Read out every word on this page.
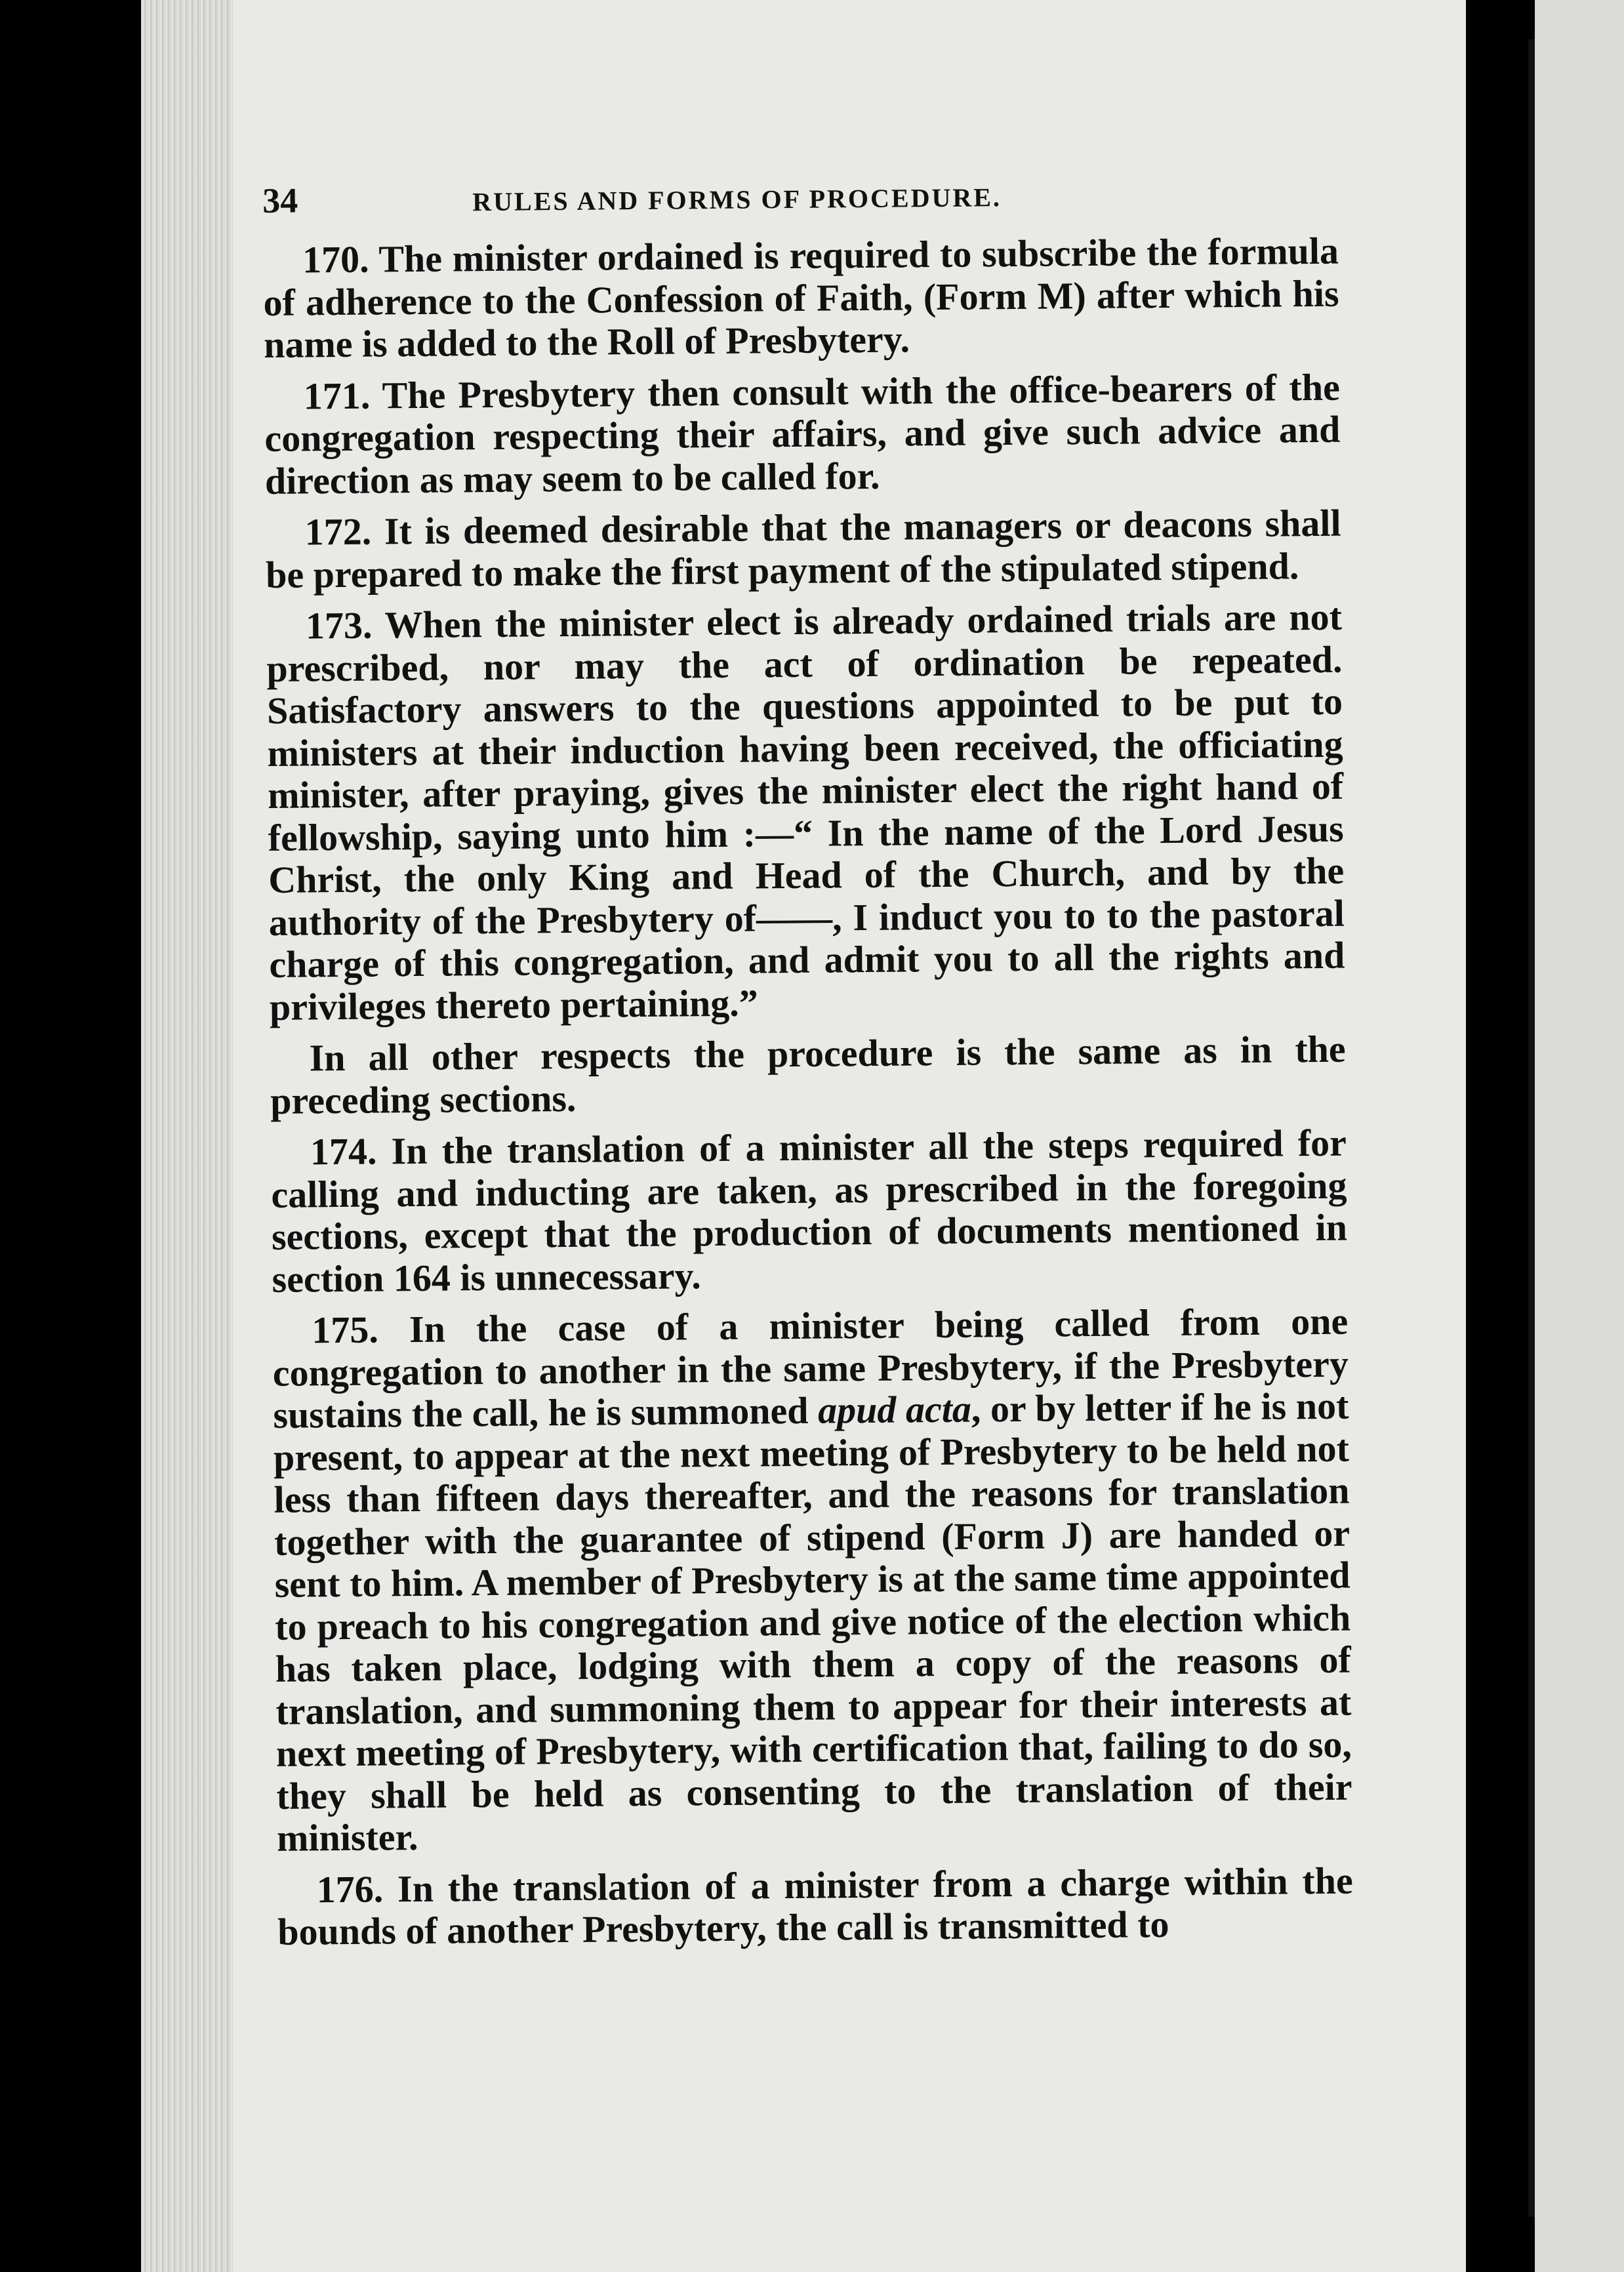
34	RULES AND FORMS OF PROCEDURE.

170. The minister ordained is required to subscribe the formula of adherence to the Confession of Faith, (Form M) after which his name is added to the Roll of Presbytery.

171. The Presbytery then consult with the office-bearers of the congregation respecting their affairs, and give such advice and direction as may seem to be called for.

172. It is deemed desirable that the managers or deacons shall be prepared to make the first payment of the stipulated stipend.

173. When the minister elect is already ordained trials are not prescribed, nor may the act of ordination be repeated. Satisfactory answers to the questions appointed to be put to ministers at their induction having been received, the officiating minister, after praying, gives the minister elect the right hand of fellowship, saying unto him :—“ In the name of the Lord Jesus Christ, the only King and Head of the Church, and by the authority of the Presbytery of——, I induct you to to the pastoral charge of this congregation, and admit you to all the rights and privileges thereto pertaining.”

In all other respects the procedure is the same as in the preceding sections.

174. In the translation of a minister all the steps required for calling and inducting are taken, as prescribed in the foregoing sections, except that the production of documents mentioned in section 164 is unnecessary.

175. In the case of a minister being called from one congregation to another in the same Presbytery, if the Presbytery sustains the call, he is summoned apud acta, or by letter if he is not present, to appear at the next meeting of Presbytery to be held not less than fifteen days thereafter, and the reasons for translation together with the guarantee of stipend (Form J) are handed or sent to him. A member of Presbytery is at the same time appointed to preach to his congregation and give notice of the election which has taken place, lodging with them a copy of the reasons of translation, and summoning them to appear for their interests at next meeting of Presbytery, with certification that, failing to do so, they shall be held as consenting to the translation of their minister.

176. In the translation of a minister from a charge within the bounds of another Presbytery, the call is transmitted to
